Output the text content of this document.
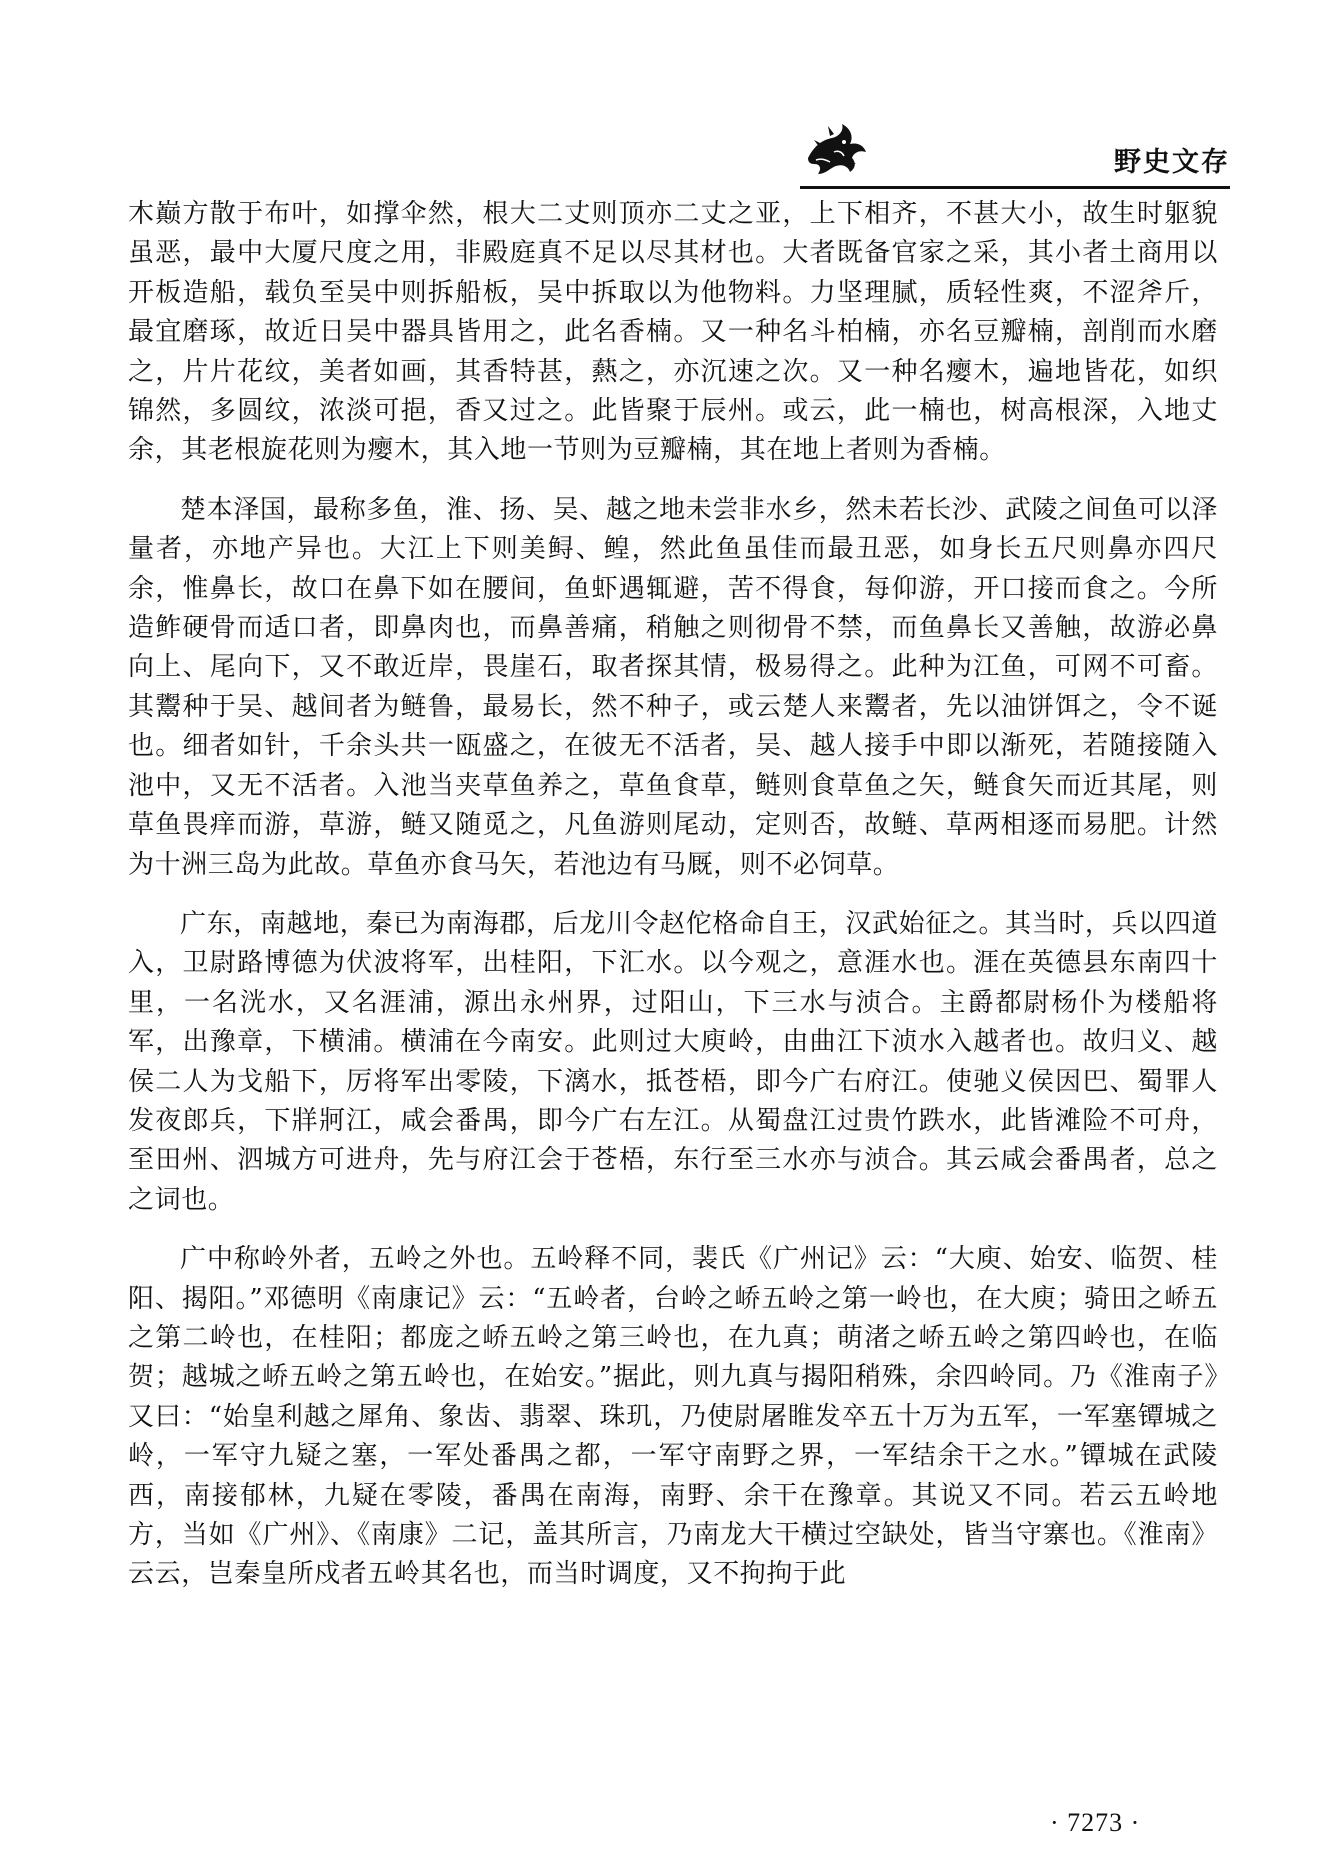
野史文存

木巅方散于布叶，如撑伞然，根大二丈则顶亦二丈之亚，上下相齐，不甚大小，故生时躯貌虽恶，最中大厦尺度之用，非殿庭真不足以尽其材也。大者既备官家之采，其小者土商用以开板造船，载负至吴中则拆船板，吴中拆取以为他物料。力坚理腻，质轻性爽，不涩斧斤，最宜磨琢，故近日吴中器具皆用之，此名香楠。又一种名斗柏楠，亦名豆瓣楠，剖削而水磨之，片片花纹，美者如画，其香特甚，爇之，亦沉速之次。又一种名瘿木，遍地皆花，如织锦然，多圆纹，浓淡可挹，香又过之。此皆聚于辰州。或云，此一楠也，树高根深，入地丈余，其老根旋花则为瘿木，其入地一节则为豆瓣楠，其在地上者则为香楠。

楚本泽国，最称多鱼，淮、扬、吴、越之地未尝非水乡，然未若长沙、武陵之间鱼可以泽量者，亦地产异也。大江上下则美鲟、鳇，然此鱼虽佳而最丑恶，如身长五尺则鼻亦四尺余，惟鼻长，故口在鼻下如在腰间，鱼虾遇辄避，苦不得食，每仰游，开口接而食之。今所造鲊硬骨而适口者，即鼻肉也，而鼻善痛，稍触之则彻骨不禁，而鱼鼻长又善触，故游必鼻向上、尾向下，又不敢近岸，畏崖石，取者探其情，极易得之。此种为江鱼，可网不可畜。其鬻种于吴、越间者为鲢鲁，最易长，然不种子，或云楚人来鬻者，先以油饼饵之，令不诞也。细者如针，千余头共一瓯盛之，在彼无不活者，吴、越人接手中即以渐死，若随接随入池中，又无不活者。入池当夹草鱼养之，草鱼食草，鲢则食草鱼之矢，鲢食矢而近其尾，则草鱼畏痒而游，草游，鲢又随觅之，凡鱼游则尾动，定则否，故鲢、草两相逐而易肥。计然为十洲三岛为此故。草鱼亦食马矢，若池边有马厩，则不必饲草。

广东，南越地，秦已为南海郡，后龙川令赵佗格命自王，汉武始征之。其当时，兵以四道入，卫尉路博德为伏波将军，出桂阳，下汇水。以今观之，意涯水也。涯在英德县东南四十里，一名洸水，又名涯浦，源出永州界，过阳山，下三水与浈合。主爵都尉杨仆为楼船将军，出豫章，下横浦。横浦在今南安。此则过大庾岭，由曲江下浈水入越者也。故归义、越侯二人为戈船下，厉将军出零陵，下漓水，抵苍梧，即今广右府江。使驰义侯因巴、蜀罪人发夜郎兵，下牂牁江，咸会番禺，即今广右左江。从蜀盘江过贵竹跌水，此皆滩险不可舟，至田州、泗城方可进舟，先与府江会于苍梧，东行至三水亦与浈合。其云咸会番禺者，总之之词也。

广中称岭外者，五岭之外也。五岭释不同，裴氏《广州记》云：“大庾、始安、临贺、桂阳、揭阳。”邓德明《南康记》云：“五岭者，台岭之峤五岭之第一岭也，在大庾；骑田之峤五之第二岭也，在桂阳；都庞之峤五岭之第三岭也，在九真；萌渚之峤五岭之第四岭也，在临贺；越城之峤五岭之第五岭也，在始安。”据此，则九真与揭阳稍殊，余四岭同。乃《淮南子》又曰：“始皇利越之犀角、象齿、翡翠、珠玑，乃使尉屠睢发卒五十万为五军，一军塞镡城之岭，一军守九疑之塞，一军处番禺之都，一军守南野之界，一军结余干之水。”镡城在武陵西，南接郁林，九疑在零陵，番禺在南海，南野、余干在豫章。其说又不同。若云五岭地方，当如《广州》、《南康》二记，盖其所言，乃南龙大干横过空缺处，皆当守寨也。《淮南》云云，岂秦皇所戍者五岭其名也，而当时调度，又不拘拘于此

· 7273 ·
